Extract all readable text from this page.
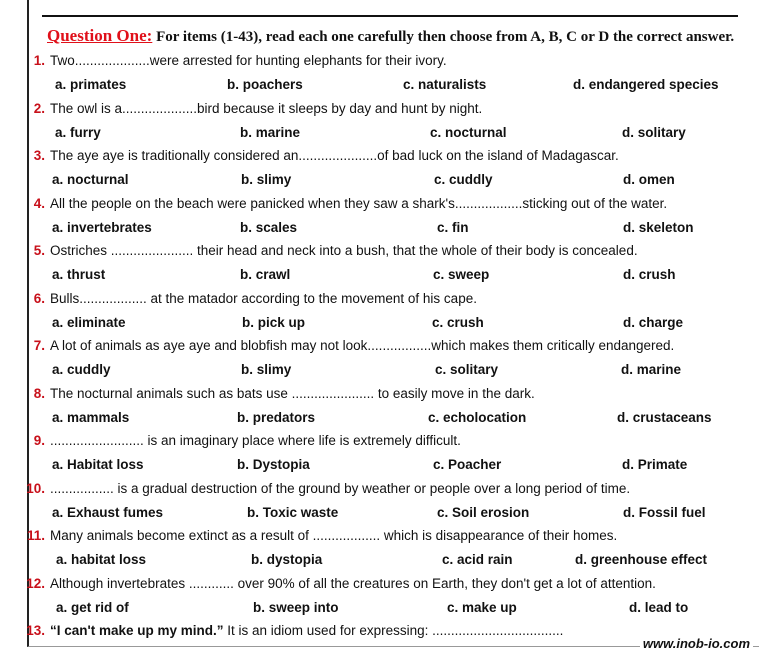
Question One: For items (1-43), read each one carefully then choose from A, B, C or D the correct answer.
1. Two....................were arrested for hunting elephants for their ivory.
a. primates	b. poachers	c. naturalists	d. endangered species
2. The owl is a....................bird because it sleeps by day and hunt by night.
a. furry	b. marine	c. nocturnal	d. solitary
3. The aye aye is traditionally considered an.....................of bad luck on the island of Madagascar.
a. nocturnal	b. slimy	c. cuddly	d. omen
4. All the people on the beach were panicked when they saw a shark's..................sticking out of the water.
a. invertebrates	b. scales	c. fin	d. skeleton
5. Ostriches ...................... their head and neck into a bush, that the whole of their body is concealed.
a. thrust	b. crawl	c. sweep	d. crush
6. Bulls.................. at the matador according to the movement of his cape.
a. eliminate	b. pick up	c. crush	d. charge
7. A lot of animals as aye aye and blobfish may not look.................which makes them critically endangered.
a. cuddly	b. slimy	c. solitary	d. marine
8. The nocturnal animals such as bats use ...................... to easily move in the dark.
a. mammals	b. predators	c. echolocation	d. crustaceans
9. ......................... is an imaginary place where life is extremely difficult.
a. Habitat loss	b. Dystopia	c. Poacher	d. Primate
10. ................. is a gradual destruction of the ground by weather or people over a long period of time.
a. Exhaust fumes	b. Toxic waste	c. Soil erosion	d. Fossil fuel
11. Many animals become extinct as a result of .................. which is disappearance of their homes.
a. habitat loss	b. dystopia	c. acid rain	d. greenhouse effect
12. Although invertebrates ............ over 90% of all the creatures on Earth, they don't get a lot of attention.
a. get rid of	b. sweep into	c. make up	d. lead to
13. “I can't make up my mind.” It is an idiom used for expressing: ...................................
www.inob-io.com
